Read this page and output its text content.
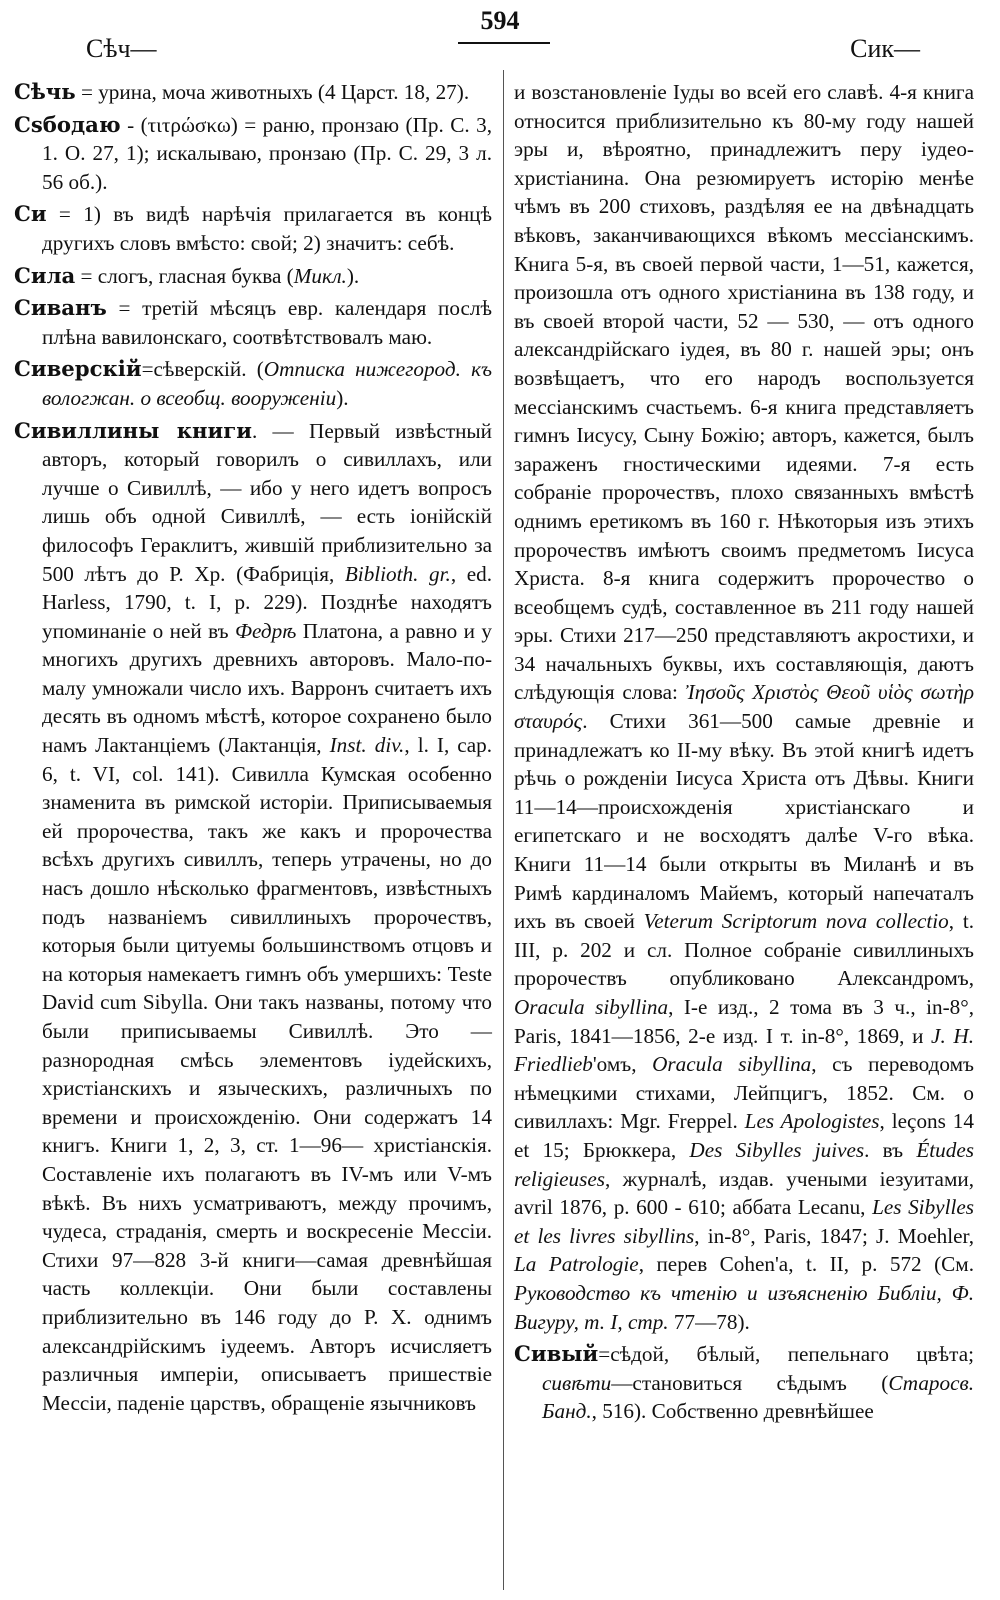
Сѣч—
594
Сик—

Сѣчь = урина, моча животныхъ (4 Царст. 18, 27).

Сѕбодаю - (τιτρώσκω) = раню, пронзаю (Пр. С. 3, 1. О. 27, 1); искалываю, пронзаю (Пр. С. 29, 3 л. 56 об.).

Си = 1) въ видѣ нарѣчія прилагается въ концѣ другихъ словъ вмѣсто: свой; 2) значитъ: себѣ.

Сила = слогъ, гласная буква (Микл.).

Сиванъ = третій мѣсяцъ евр. календаря послѣ плѣна вавилонскаго, соотвѣтствовалъ маю.

Сиверскій=сѣверскій. (Отписка нижегород. къ вологжан. о всеобщ. вооруженіи).

Сивиллины книги. — Первый извѣстный авторъ, который говорилъ о сивиллахъ, или лучше о Сивиллѣ, — ибо у него идетъ вопросъ лишь объ одной Сивиллѣ, — есть іонійскій философъ Гераклитъ, жившій приблизительно за 500 лѣтъ до Р. Хр. (Фабриція, Biblioth. gr., ed. Harless, 1790, t. I, p. 229). Позднѣе находятъ упоминаніе о ней въ Федрѣ Платона, а равно и у многихъ другихъ древнихъ авторовъ. Мало-по-малу умножали число ихъ. Варронъ считаетъ ихъ десять въ одномъ мѣстѣ, которое сохранено было намъ Лактанціемъ (Лактанція, Inst. div., l. I, cap. 6, t. VI, col. 141). Сивилла Кумская особенно знаменита въ римской исторіи. Приписываемыя ей пророчества, такъ же какъ и пророчества всѣхъ другихъ сивиллъ, теперь утрачены, но до насъ дошло нѣсколько фрагментовъ, извѣстныхъ подъ названіемъ сивиллиныхъ пророчествъ, которыя были цитуемы большинствомъ отцовъ и на которыя намекаетъ гимнъ объ умершихъ: Teste David cum Sibylla. Они такъ названы, потому что были приписываемы Сивиллѣ. Это — разнородная смѣсь элементовъ іудейскихъ, христіанскихъ и языческихъ, различныхъ по времени и происхожденію. Они содержатъ 14 книгъ. Книги 1, 2, 3, ст. 1—96— христіанскія. Составленіе ихъ полагаютъ въ IV-мъ или V-мъ вѣкѣ. Въ нихъ усматриваютъ, между прочимъ, чудеса, страданія, смерть и воскресеніе Мессіи. Стихи 97—828 3-й книги—самая древнѣйшая часть коллекціи. Они были составлены приблизительно въ 146 году до Р. Х. однимъ александрійскимъ іудеемъ. Авторъ исчисляетъ различныя имперіи, описываетъ пришествіе Мессіи, паденіе царствъ, обращеніе язычниковъ

и возстановленіе Іуды во всей его славѣ. 4-я книга относится приблизительно къ 80-му году нашей эры и, вѣроятно, принадлежитъ перу іудео-христіанина. Она резюмируетъ исторію менѣе чѣмъ въ 200 стиховъ, раздѣляя ее на двѣнадцать вѣковъ, заканчивающихся вѣкомъ мессіанскимъ. Книга 5-я, въ своей первой части, 1—51, кажется, произошла отъ одного христіанина въ 138 году, и въ своей второй части, 52 — 530, — отъ одного александрійскаго іудея, въ 80 г. нашей эры; онъ возвѣщаетъ, что его народъ воспользуется мессіанскимъ счастьемъ. 6-я книга представляетъ гимнъ Іисусу, Сыну Божію; авторъ, кажется, былъ зараженъ гностическими идеями. 7-я есть собраніе пророчествъ, плохо связанныхъ вмѣстѣ однимъ еретикомъ въ 160 г. Нѣкоторыя изъ этихъ пророчествъ имѣютъ своимъ предметомъ Іисуса Христа. 8-я книга содержитъ пророчество о всеобщемъ судѣ, составленное въ 211 году нашей эры. Стихи 217—250 представляютъ акростихи, и 34 начальныхъ буквы, ихъ составляющія, даютъ слѣдующія слова: Ἰησοῦς Χριστὸς Θεοῦ υἱὸς σωτὴρ σταυρός. Стихи 361—500 самые древніе и принадлежатъ ко II-му вѣку. Въ этой книгѣ идетъ рѣчь о рожденіи Іисуса Христа отъ Дѣвы. Книги 11—14—происхожденія христіанскаго и египетскаго и не восходятъ далѣе V-го вѣка. Книги 11—14 были открыты въ Миланѣ и въ Римѣ кардиналомъ Майемъ, который напечаталъ ихъ въ своей Veterum Scriptorum nova collectio, t. III, p. 202 и сл. Полное собраніе сивиллиныхъ пророчествъ опубликовано Александромъ, Oracula sibyllina, I-е изд., 2 тома въ 3 ч., in-8°, Paris, 1841—1856, 2-е изд. I т. in-8°, 1869, и J. H. Friedlieb'омъ, Oracula sibyllina, съ переводомъ нѣмецкими стихами, Лейпцигъ, 1852. См. о сивиллахъ: Mgr. Freppel. Les Apologistes, leçons 14 et 15; Брюккера, Des Sibylles juives. въ Études religieuses, журналѣ, издав. учеными іезуитами, avril 1876, p. 600 - 610; аббата Lecanu, Les Sibylles et les livres sibyllins, in-8°, Paris, 1847; J. Moehler, La Patrologie, перев Cohen'a, t. II, p. 572 (См. Руководство къ чтенію и изъясненію Библіи, Ф. Вигуру, т. I, стр. 77—78).

Сивый=сѣдой, бѣлый, пепельнаго цвѣта; сивѣти—становиться сѣдымъ (Старосв. Банд., 516). Собственно древнѣйшее
